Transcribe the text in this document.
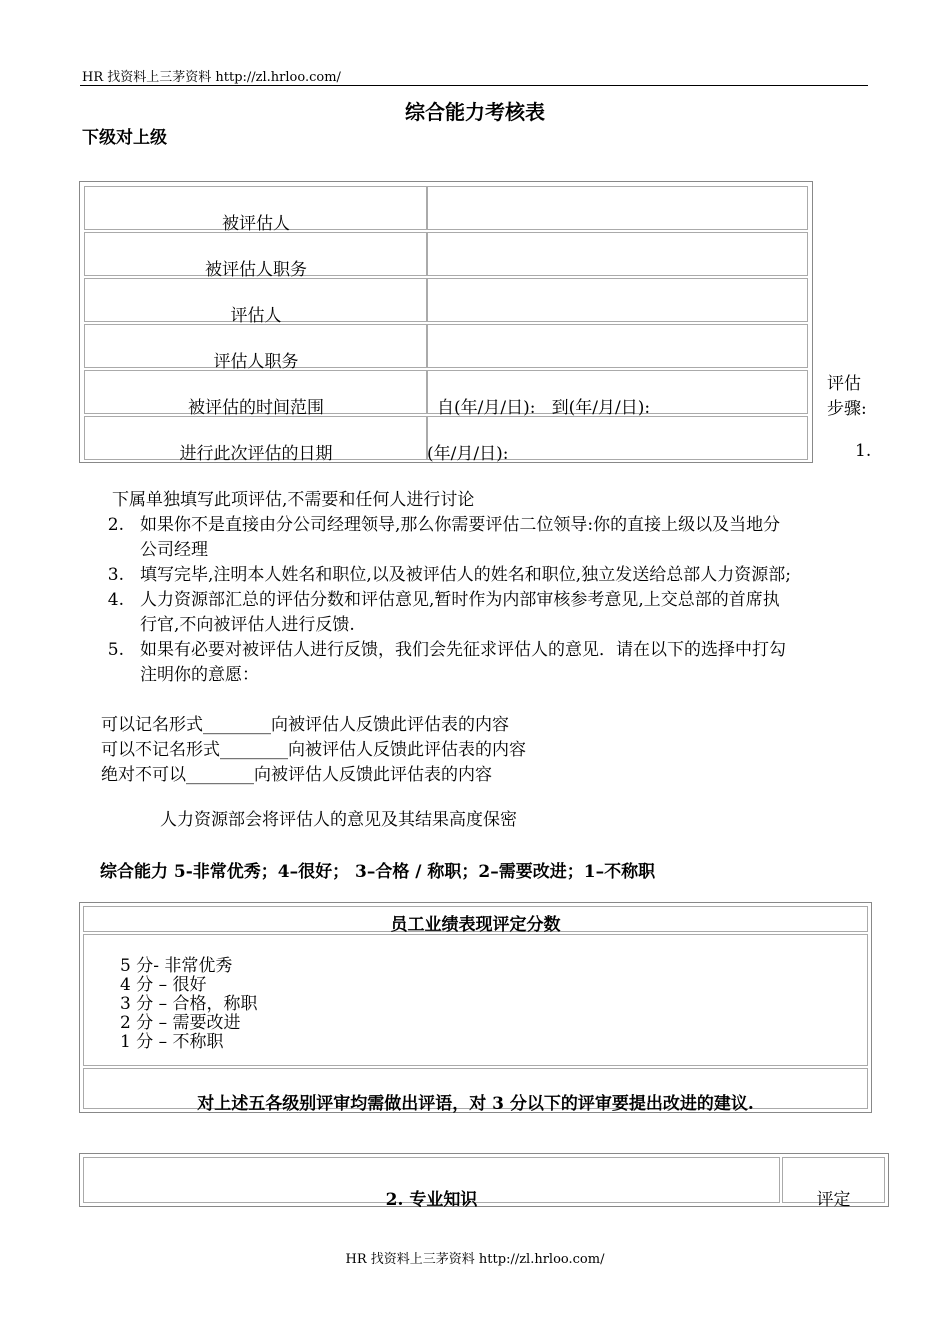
HR 找资料上三茅资料 http://zl.hrloo.com/
综合能力考核表
下级对上级
被评估人
被评估人职务
评估人
评估人职务
被评估的时间范围	自(年/月/日):   到(年/月/日):
进行此次评估的日期	(年/月/日):
评估
步骤:
1.
下属单独填写此项评估,不需要和任何人进行讨论
2. 如果你不是直接由分公司经理领导,那么你需要评估二位领导:你的直接上级以及当地分
公司经理
3. 填写完毕,注明本人姓名和职位,以及被评估人的姓名和职位,独立发送给总部人力资源部;
4. 人力资源部汇总的评估分数和评估意见,暂时作为内部审核参考意见,上交总部的首席执
行官,不向被评估人进行反馈.
5. 如果有必要对被评估人进行反馈，我们会先征求评估人的意见．请在以下的选择中打勾
注明你的意愿：
可以记名形式________向被评估人反馈此评估表的内容
可以不记名形式________向被评估人反馈此评估表的内容
绝对不可以________向被评估人反馈此评估表的内容
人力资源部会将评估人的意见及其结果高度保密
综合能力 5-非常优秀；4–很好； 3–合格 / 称职；2–需要改进；1–不称职
员工业绩表现评定分数
5 分- 非常优秀
4 分 – 很好
3 分 – 合格，称职
2 分 – 需要改进
1 分 – 不称职
对上述五各级别评审均需做出评语，对 3 分以下的评审要提出改进的建议.
2. 专业知识	评定
HR 找资料上三茅资料 http://zl.hrloo.com/
